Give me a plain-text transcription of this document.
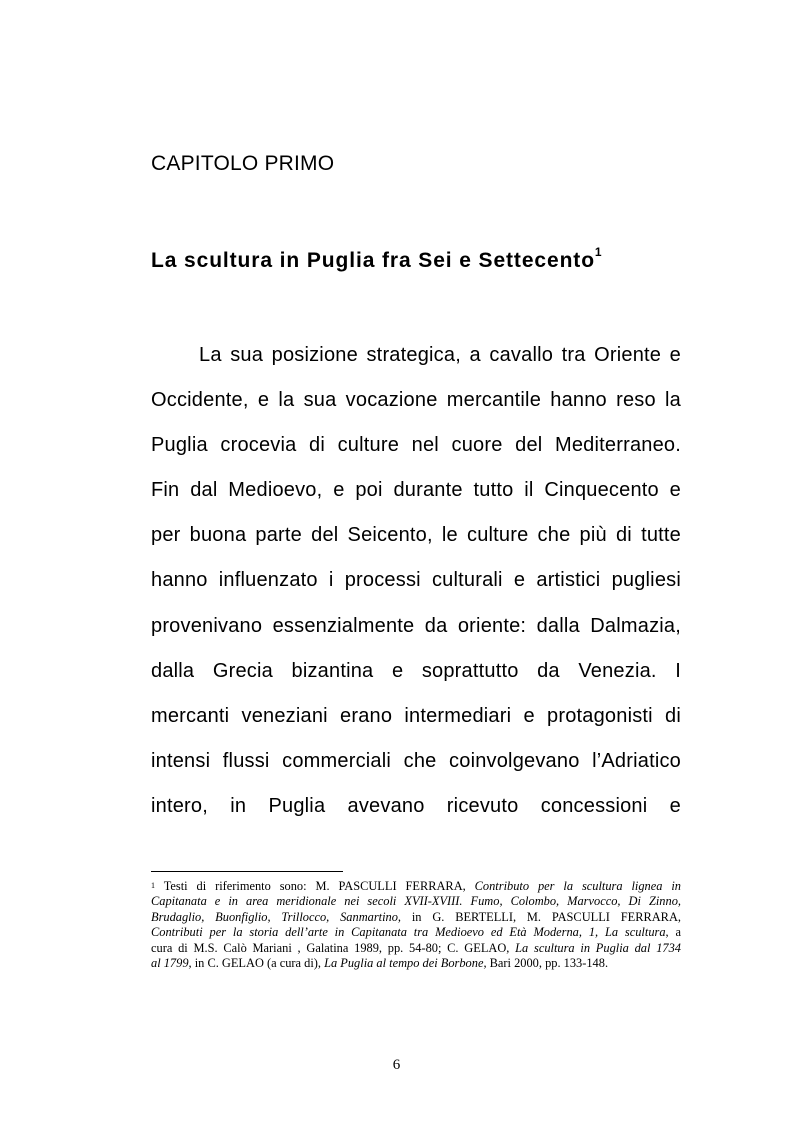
CAPITOLO PRIMO
La scultura in Puglia fra Sei e Settecento$^1$
La sua posizione strategica, a cavallo tra Oriente e
Occidente, e la sua vocazione mercantile hanno reso la
Puglia crocevia di culture nel cuore del Mediterraneo.
Fin dal Medioevo, e poi durante tutto il Cinquecento e
per buona parte del Seicento, le culture che più di tutte
hanno influenzato i processi culturali e artistici pugliesi
provenivano essenzialmente da oriente: dalla Dalmazia,
dalla Grecia bizantina e soprattutto da Venezia. I
mercanti veneziani erano intermediari e protagonisti di
intensi flussi commerciali che coinvolgevano l’Adriatico
intero, in Puglia avevano ricevuto concessioni e
$^1$ Testi di riferimento sono: M. PASCULLI FERRARA, Contributo per la scultura lignea in
Capitanata e in area meridionale nei secoli XVII-XVIII. Fumo, Colombo, Marvocco, Di Zinno,
Brudaglio, Buonfiglio, Trillocco, Sanmartino, in G. BERTELLI, M. PASCULLI FERRARA,
Contributi per la storia dell’arte in Capitanata tra Medioevo ed Età Moderna, 1, La scultura, a
cura di M.S. Calò Mariani , Galatina 1989, pp. 54-80; C. GELAO, La scultura in Puglia dal 1734
al 1799, in C. GELAO (a cura di), La Puglia al tempo dei Borbone, Bari 2000, pp. 133-148.
6
